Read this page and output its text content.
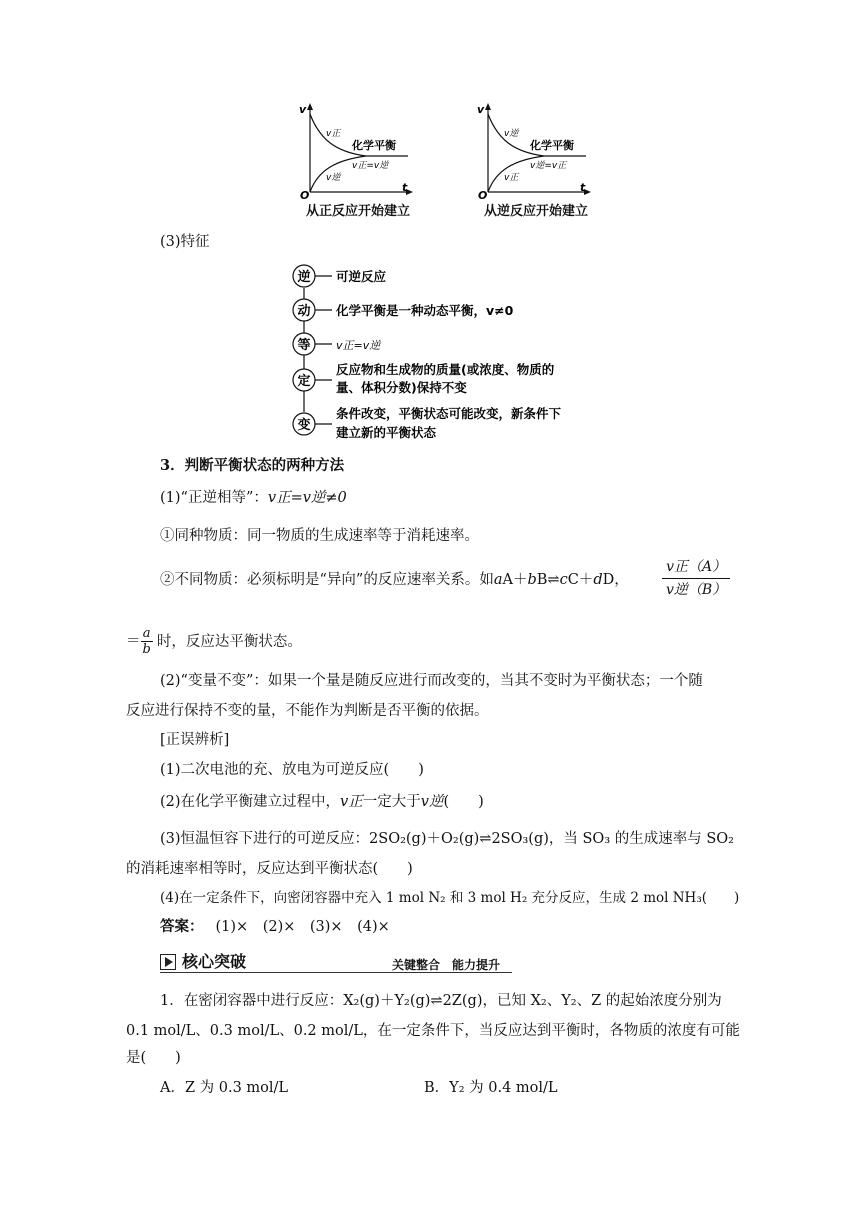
v
t
O
v正
v逆
化学平衡
v正=v逆
从正反应开始建立
v
t
O
v逆
v正
化学平衡
v逆=v正
从逆反应开始建立
(3)特征
逆 可逆反应
动 化学平衡是一种动态平衡，v≠0
等 v正=v逆
定
反应物和生成物的质量(或浓度、物质的
量、体积分数)保持不变
变
条件改变，平衡状态可能改变，新条件下
建立新的平衡状态
3．判断平衡状态的两种方法
(1)“正逆相等”：v正=v逆≠0
①同种物质：同一物质的生成速率等于消耗速率。
②不同物质：必须标明是“异向”的反应速率关系。如aA＋bB⇌cC＋dD，
v正（A）
v逆（B）
＝ $\frac{a}{b}$ 时，反应达平衡状态。
(2)“变量不变”：如果一个量是随反应进行而改变的，当其不变时为平衡状态；一个随
反应进行保持不变的量，不能作为判断是否平衡的依据。
[正误辨析]
(1)二次电池的充、放电为可逆反应(　　)
(2)在化学平衡建立过程中，v正一定大于v逆(　　)
(3)恒温恒容下进行的可逆反应：2SO₂(g)＋O₂(g)⇌2SO₃(g)，当 SO₃ 的生成速率与 SO₂
的消耗速率相等时，反应达到平衡状态(　　)
(4)在一定条件下，向密闭容器中充入 1 mol N₂ 和 3 mol H₂ 充分反应，生成 2 mol NH₃(　　)
答案： (1)×　(2)×　(3)×　(4)×
核心突破	关键整合　能力提升
1．在密闭容器中进行反应：X₂(g)＋Y₂(g)⇌2Z(g)，已知 X₂、Y₂、Z 的起始浓度分别为
0.1 mol/L、0.3 mol/L、0.2 mol/L，在一定条件下，当反应达到平衡时，各物质的浓度有可能
是(　　)
A．Z 为 0.3 mol/L	B．Y₂ 为 0.4 mol/L
